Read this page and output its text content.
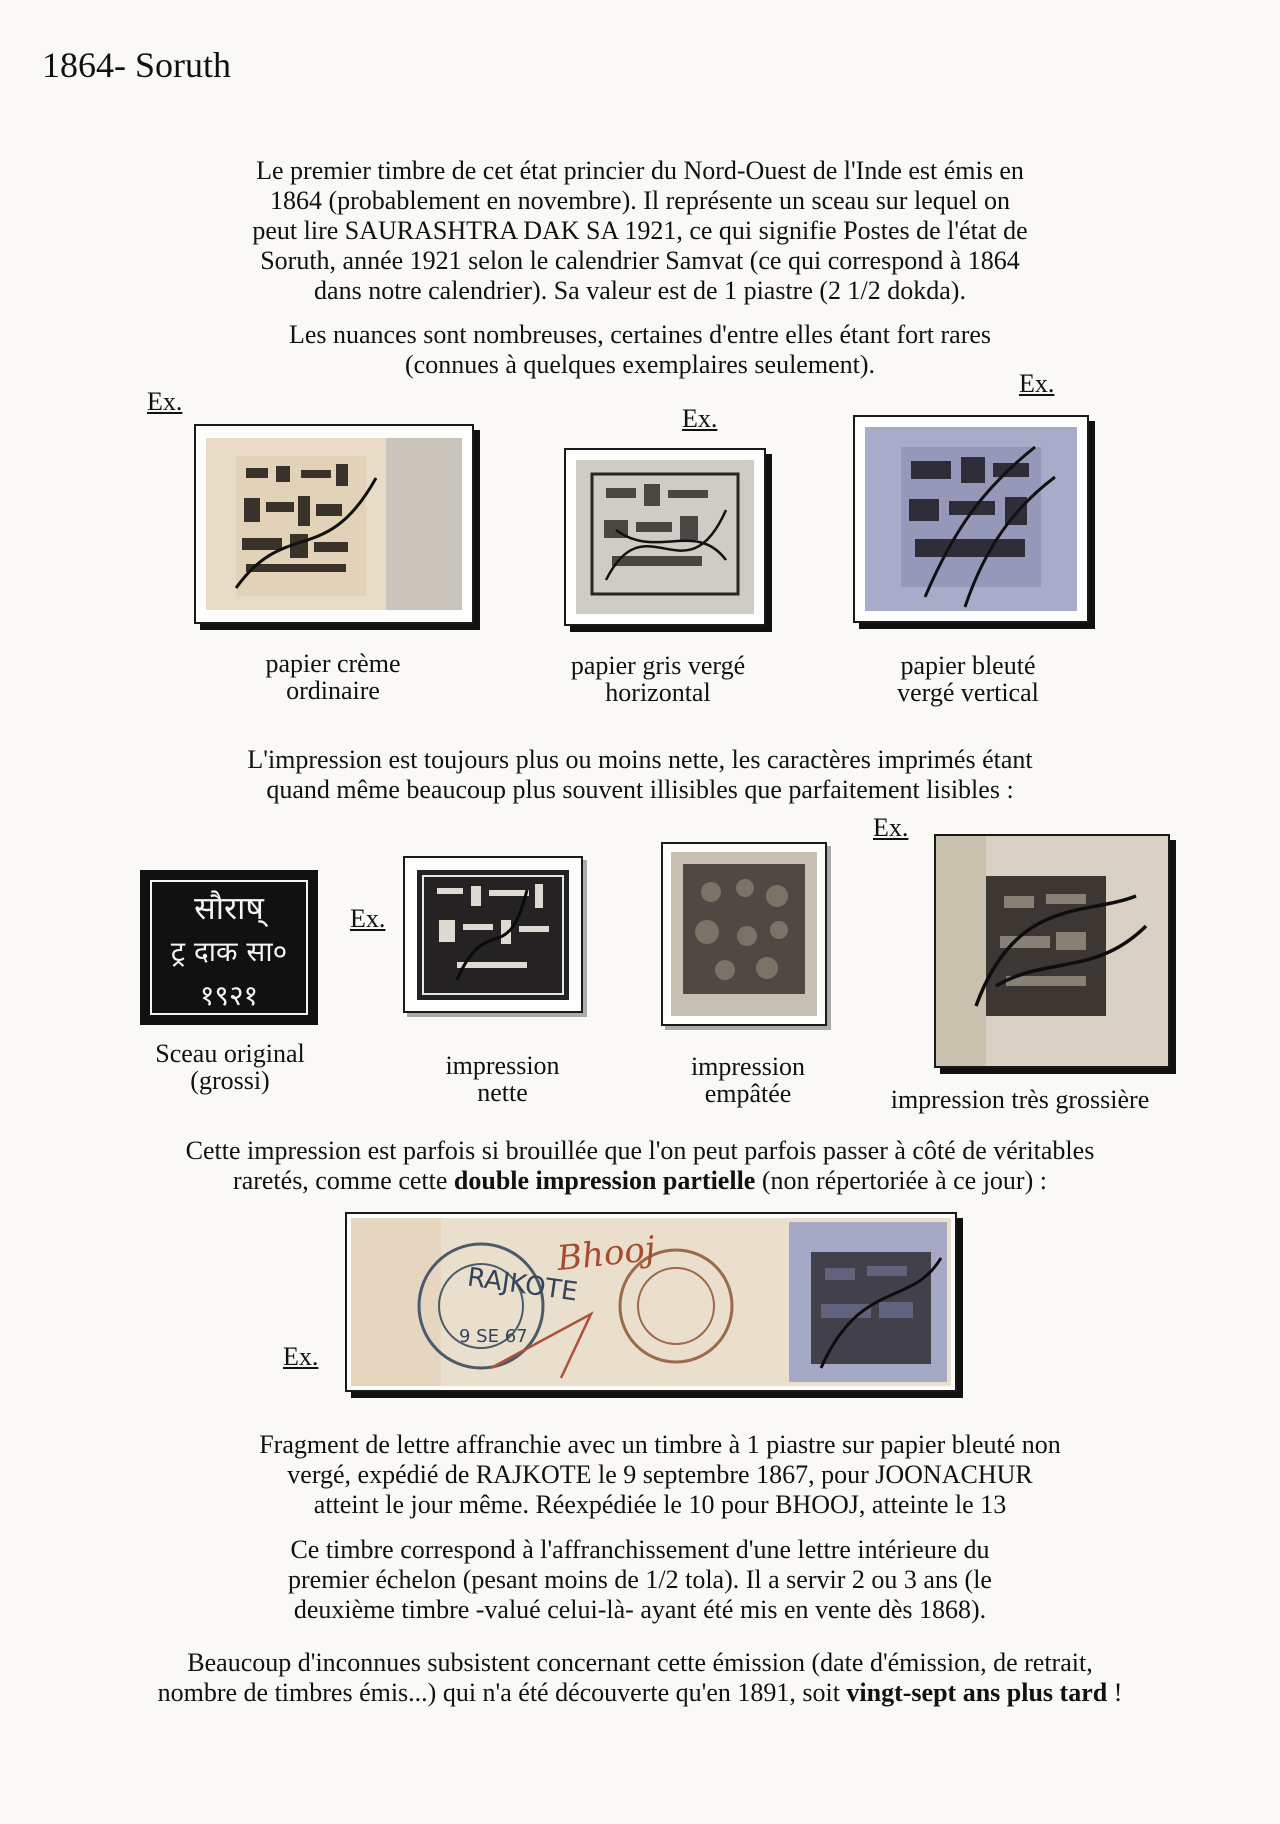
1864- Soruth
Le premier timbre de cet état princier du Nord-Ouest de l'Inde est émis en
1864 (probablement en novembre). Il représente un sceau sur lequel on
peut lire SAURASHTRA DAK SA 1921, ce qui signifie Postes de l'état de
Soruth, année 1921 selon le calendrier Samvat (ce qui correspond à 1864
dans notre calendrier). Sa valeur est de 1 piastre (2 1/2 dokda).
Les nuances sont nombreuses, certaines d'entre elles étant fort rares
(connues à quelques exemplaires seulement).
Ex.
Ex.
Ex.
papier crème
ordinaire
papier gris vergé
horizontal
papier bleuté
vergé vertical
L'impression est toujours plus ou moins nette, les caractères imprimés étant
quand même beaucoup plus souvent illisibles que parfaitement lisibles :
Ex.
Ex.
सौराष्
ट्र दाक सा०
१९२१
Sceau original
(grossi)
impression
nette
impression
empâtée	impression très grossière
Cette impression est parfois si brouillée que l'on peut parfois passer à côté de véritables
raretés, comme cette double impression partielle (non répertoriée à ce jour) :
Ex.
RAJKOTE
9 SE 67
Bhooj
Fragment de lettre affranchie avec un timbre à 1 piastre sur papier bleuté non
vergé, expédié de RAJKOTE le 9 septembre 1867, pour JOONACHUR
atteint le jour même. Réexpédiée le 10 pour BHOOJ, atteinte le 13
Ce timbre correspond à l'affranchissement d'une lettre intérieure du
premier échelon (pesant moins de 1/2 tola). Il a servir 2 ou 3 ans (le
deuxième timbre -valué celui-là- ayant été mis en vente dès 1868).
Beaucoup d'inconnues subsistent concernant cette émission (date d'émission, de retrait,
nombre de timbres émis...) qui n'a été découverte qu'en 1891, soit vingt-sept ans plus tard !
